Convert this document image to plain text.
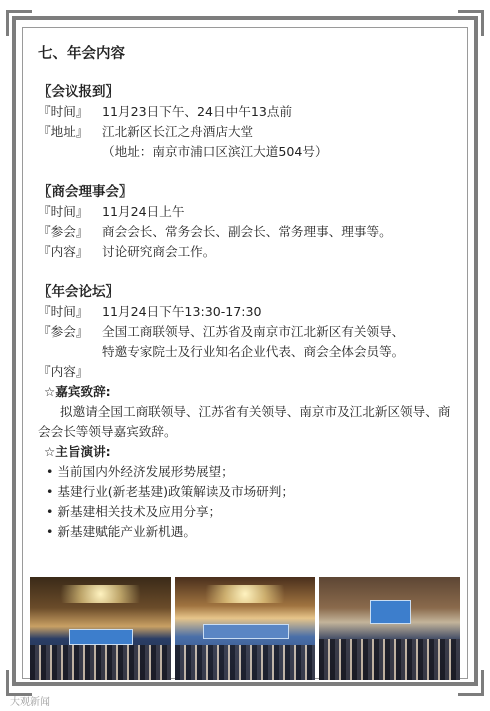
七、年会内容
〖会议报到〗
『时间』	11月23日下午、24日中午13点前
『地址』	江北新区长江之舟酒店大堂
（地址：南京市浦口区滨江大道504号）
〖商会理事会〗
『时间』	11月24日上午
『参会』	商会会长、常务会长、副会长、常务理事、理事等。
『内容』	讨论研究商会工作。
〖年会论坛〗
『时间』	11月24日下午13:30-17:30
『参会』	全国工商联领导、江苏省及南京市江北新区有关领导、
特邀专家院士及行业知名企业代表、商会全体会员等。
『内容』
☆嘉宾致辞:
拟邀请全国工商联领导、江苏省有关领导、南京市及江北新区领导、商会会长等领导嘉宾致辞。
☆主旨演讲:
• 当前国内外经济发展形势展望；
• 基建行业(新老基建)政策解读及市场研判；
• 新基建相关技术及应用分享；
• 新基建赋能产业新机遇。
大观新闻
